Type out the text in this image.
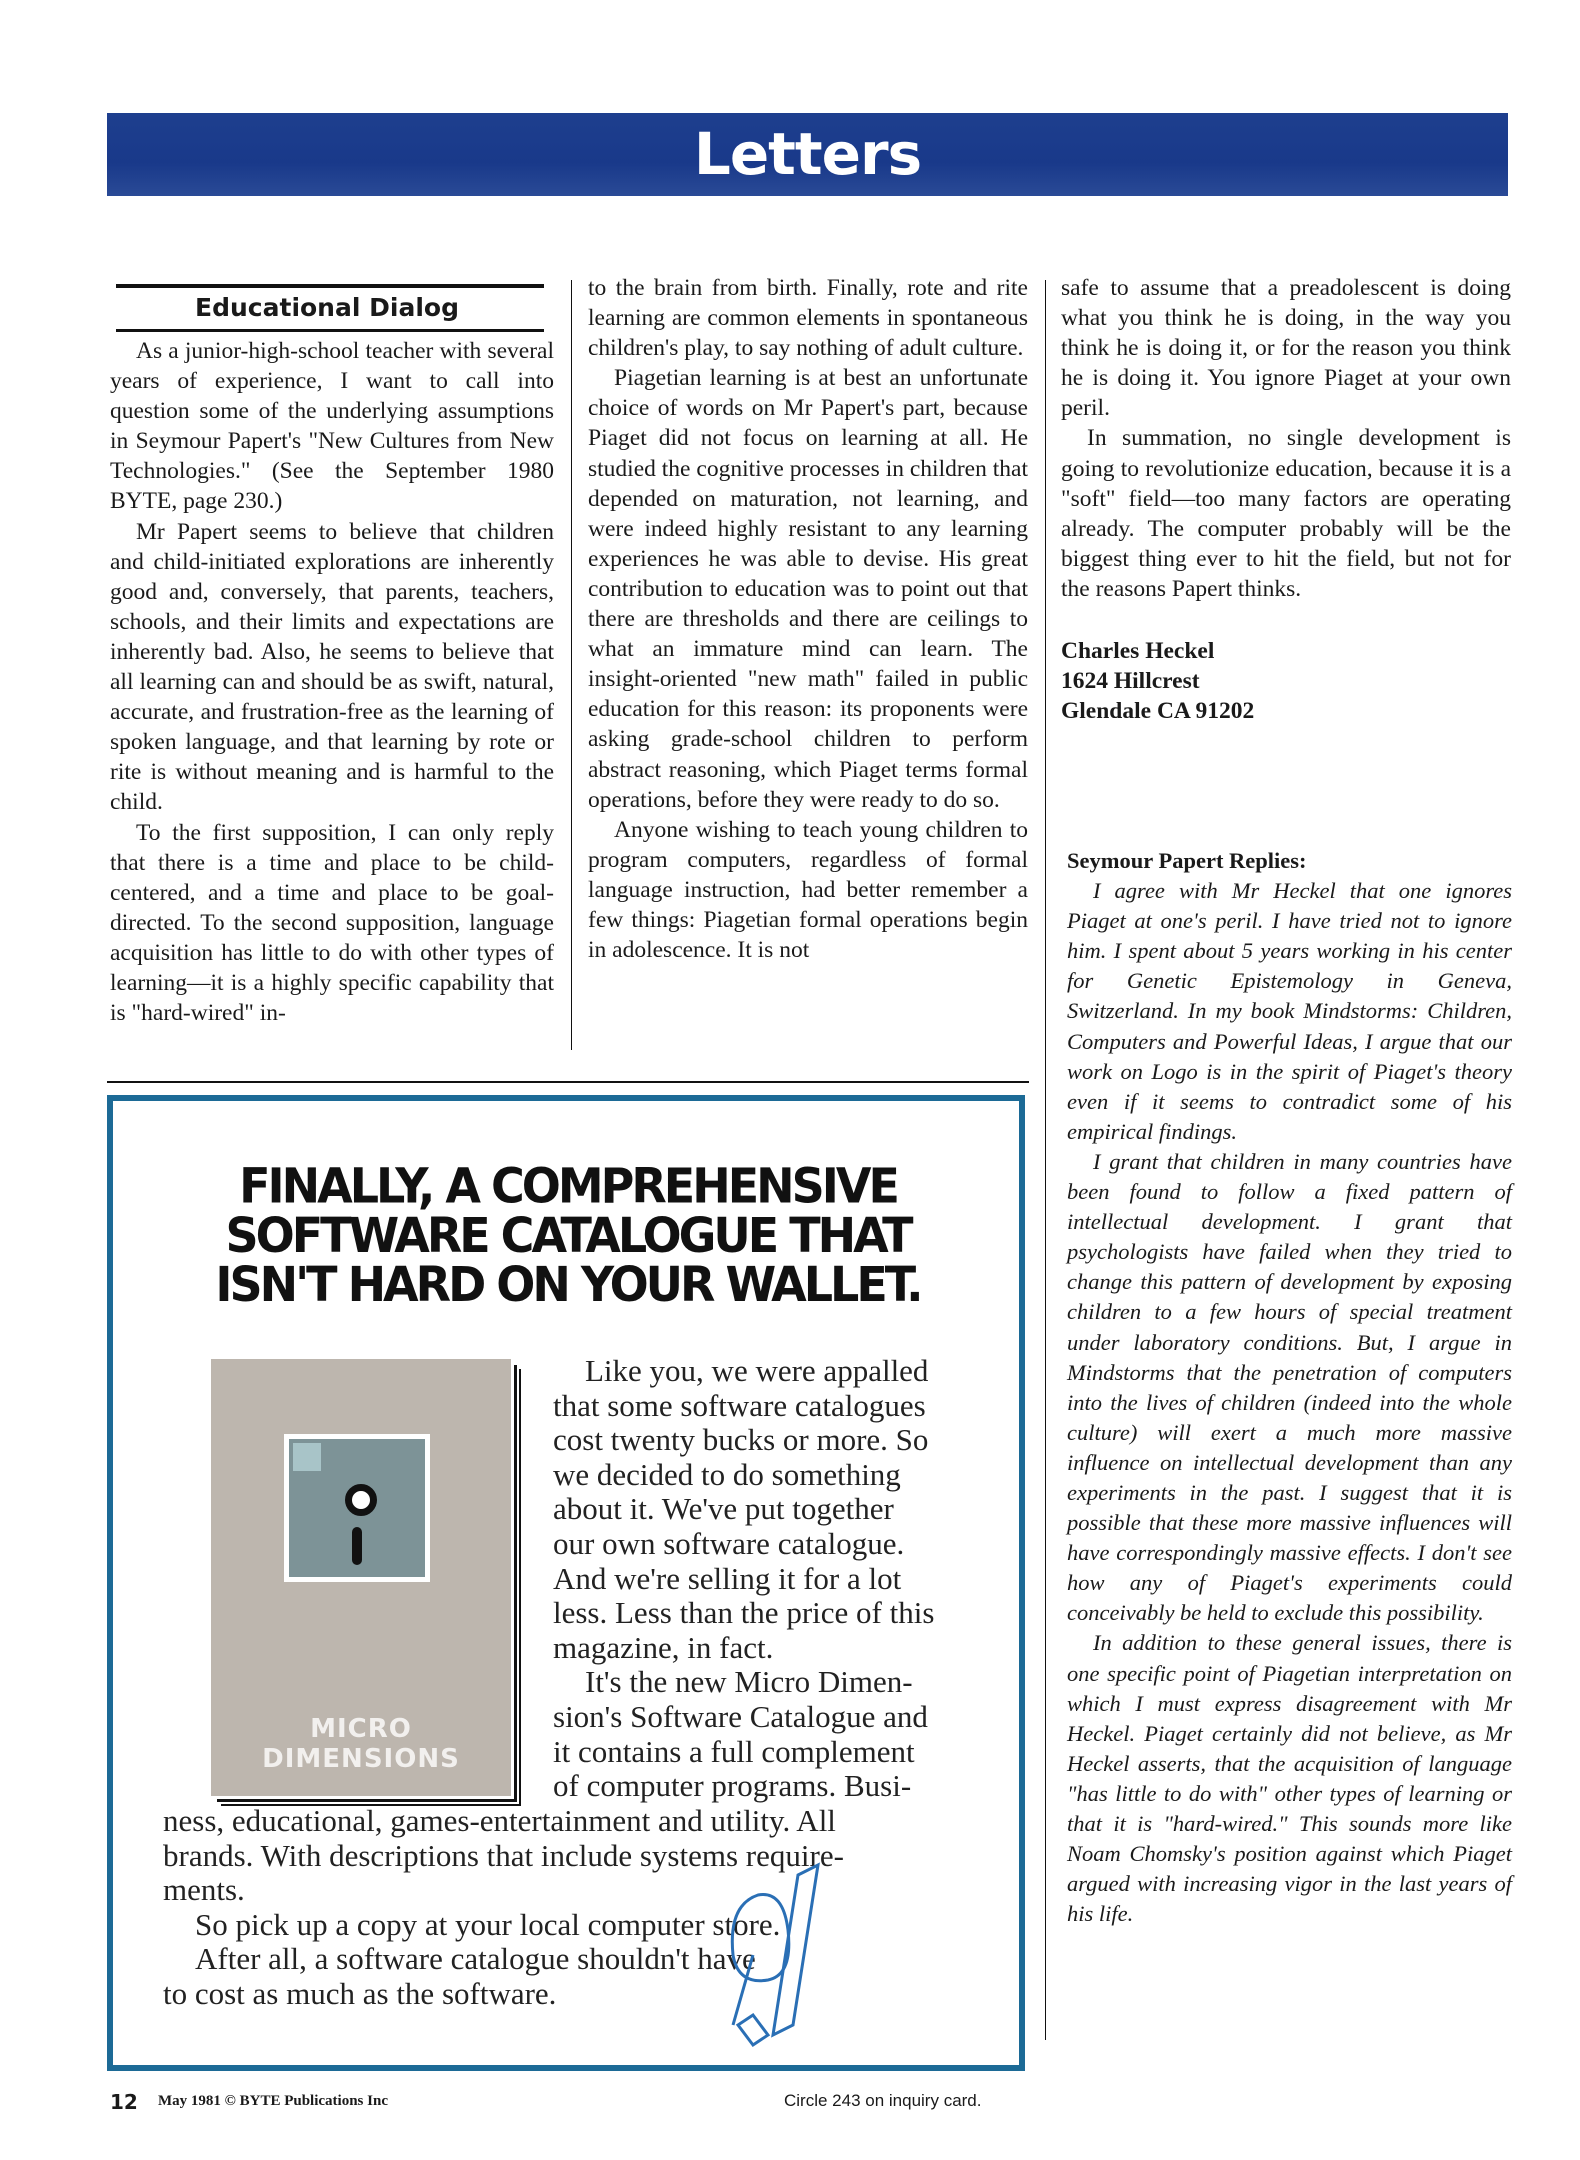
Letters
Educational Dialog

As a junior-high-school teacher with several years of experience, I want to call into question some of the underlying assumptions in Seymour Papert's "New Cultures from New Technologies." (See the September 1980 BYTE, page 230.)

Mr Papert seems to believe that children and child-initiated explorations are inherently good and, conversely, that parents, teachers, schools, and their limits and expectations are inherently bad. Also, he seems to believe that all learning can and should be as swift, natural, accurate, and frustration-free as the learning of spoken language, and that learning by rote or rite is without meaning and is harmful to the child.

To the first supposition, I can only reply that there is a time and place to be child-centered, and a time and place to be goal-directed. To the second supposition, language acquisition has little to do with other types of learning—it is a highly specific capability that is "hard-wired" in-

to the brain from birth. Finally, rote and rite learning are common elements in spontaneous children's play, to say nothing of adult culture.

Piagetian learning is at best an unfortunate choice of words on Mr Papert's part, because Piaget did not focus on learning at all. He studied the cognitive processes in children that depended on maturation, not learning, and were indeed highly resistant to any learning experiences he was able to devise. His great contribution to education was to point out that there are thresholds and there are ceilings to what an immature mind can learn. The insight-oriented "new math" failed in public education for this reason: its proponents were asking grade-school children to perform abstract reasoning, which Piaget terms formal operations, before they were ready to do so.

Anyone wishing to teach young children to program computers, regardless of formal language instruction, had better remember a few things: Piagetian formal operations begin in adolescence. It is not

safe to assume that a preadolescent is doing what you think he is doing, in the way you think he is doing it, or for the reason you think he is doing it. You ignore Piaget at your own peril.

In summation, no single development is going to revolutionize education, because it is a "soft" field—too many factors are operating already. The computer probably will be the biggest thing ever to hit the field, but not for the reasons Papert thinks.

Charles Heckel
1624 Hillcrest
Glendale CA 91202

Seymour Papert Replies:

I agree with Mr Heckel that one ignores Piaget at one's peril. I have tried not to ignore him. I spent about 5 years working in his center for Genetic Epistemology in Geneva, Switzerland. In my book Mindstorms: Children, Computers and Powerful Ideas, I argue that our work on Logo is in the spirit of Piaget's theory even if it seems to contradict some of his empirical findings.

I grant that children in many countries have been found to follow a fixed pattern of intellectual development. I grant that psychologists have failed when they tried to change this pattern of development by exposing children to a few hours of special treatment under laboratory conditions. But, I argue in Mindstorms that the penetration of computers into the lives of children (indeed into the whole culture) will exert a much more massive influence on intellectual development than any experiments in the past. I suggest that it is possible that these more massive influences will have correspondingly massive effects. I don't see how any of Piaget's experiments could conceivably be held to exclude this possibility.

In addition to these general issues, there is one specific point of Piagetian interpretation on which I must express disagreement with Mr Heckel. Piaget certainly did not believe, as Mr Heckel asserts, that the acquisition of language "has little to do with" other types of learning or that it is "hard-wired." This sounds more like Noam Chomsky's position against which Piaget argued with increasing vigor in the last years of his life.

FINALLY, A COMPREHENSIVE
SOFTWARE CATALOGUE THAT
ISN'T HARD ON YOUR WALLET.
MICRO DIMENSIONS

Like you, we were appalled

that some software catalogues

cost twenty bucks or more. So

we decided to do something

about it. We've put together

our own software catalogue.

And we're selling it for a lot

less. Less than the price of this

magazine, in fact.

It's the new Micro Dimen-

sion's Software Catalogue and

it contains a full complement

of computer programs. Busi-

ness, educational, games-entertainment and utility. All

brands. With descriptions that include systems require-

ments.

So pick up a copy at your local computer store.

After all, a software catalogue shouldn't have

to cost as much as the software.

12 May 1981 © BYTE Publications Inc	Circle 243 on inquiry card.
